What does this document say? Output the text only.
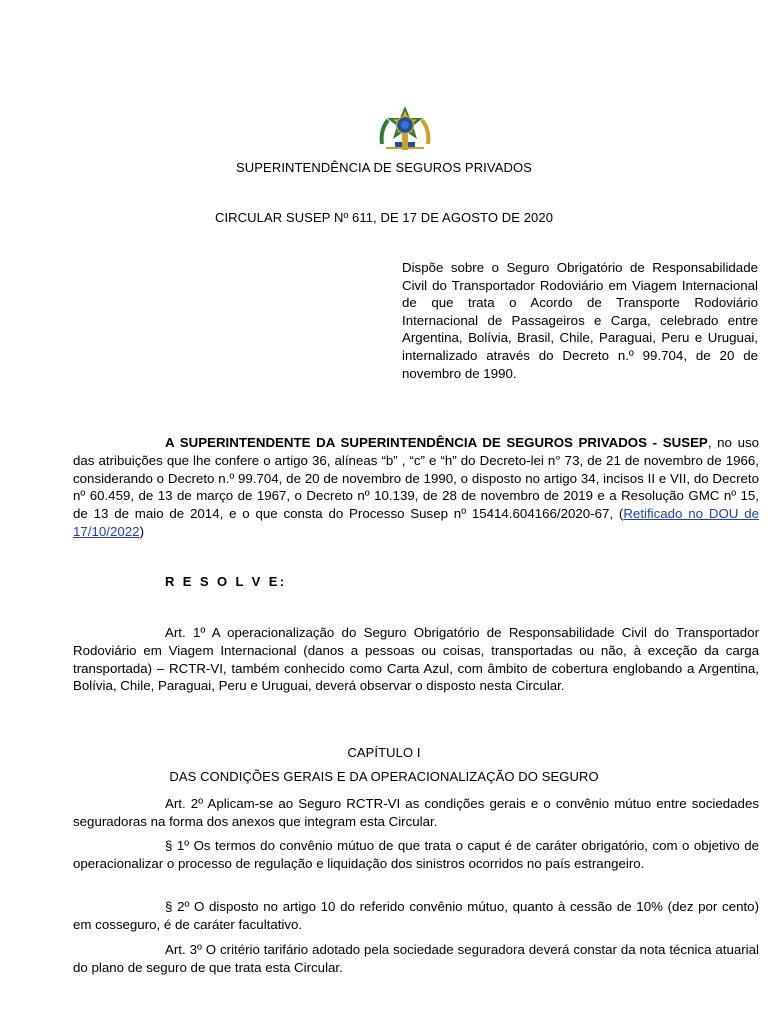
SUPERINTENDÊNCIA DE SEGUROS PRIVADOS
CIRCULAR SUSEP Nº 611, DE 17 DE AGOSTO DE 2020
Dispõe sobre o Seguro Obrigatório de Responsabilidade Civil do Transportador Rodoviário em Viagem Internacional de que trata o Acordo de Transporte Rodoviário Internacional de Passageiros e Carga, celebrado entre Argentina, Bolívia, Brasil, Chile, Paraguai, Peru e Uruguai, internalizado através do Decreto n.º 99.704, de 20 de novembro de 1990.
A SUPERINTENDENTE DA SUPERINTENDÊNCIA DE SEGUROS PRIVADOS - SUSEP, no uso das atribuições que lhe confere o artigo 36, alíneas “b” , “c” e “h” do Decreto-lei n° 73, de 21 de novembro de 1966, considerando o Decreto n.º 99.704, de 20 de novembro de 1990, o disposto no artigo 34, incisos II e VII, do Decreto nº 60.459, de 13 de março de 1967, o Decreto nº 10.139, de 28 de novembro de 2019 e a Resolução GMC nº 15, de 13 de maio de 2014, e o que consta do Processo Susep nº 15414.604166/2020-67, (Retificado no DOU de 17/10/2022)
R E S O L V E:
Art. 1º A operacionalização do Seguro Obrigatório de Responsabilidade Civil do Transportador Rodoviário em Viagem Internacional (danos a pessoas ou coisas, transportadas ou não, à exceção da carga transportada) – RCTR-VI, também conhecido como Carta Azul, com âmbito de cobertura englobando a Argentina, Bolívia, Chile, Paraguai, Peru e Uruguai, deverá observar o disposto nesta Circular.
CAPÍTULO I
DAS CONDIÇÕES GERAIS E DA OPERACIONALIZAÇÃO DO SEGURO
Art. 2º Aplicam-se ao Seguro RCTR-VI as condições gerais e o convênio mútuo entre sociedades seguradoras na forma dos anexos que integram esta Circular.
§ 1º Os termos do convênio mútuo de que trata o caput é de caráter obrigatório, com o objetivo de operacionalizar o processo de regulação e liquidação dos sinistros ocorridos no país estrangeiro.
§ 2º O disposto no artigo 10 do referido convênio mútuo, quanto à cessão de 10% (dez por cento) em cosseguro, é de caráter facultativo.
Art. 3º O critério tarifário adotado pela sociedade seguradora deverá constar da nota técnica atuarial do plano de seguro de que trata esta Circular.
